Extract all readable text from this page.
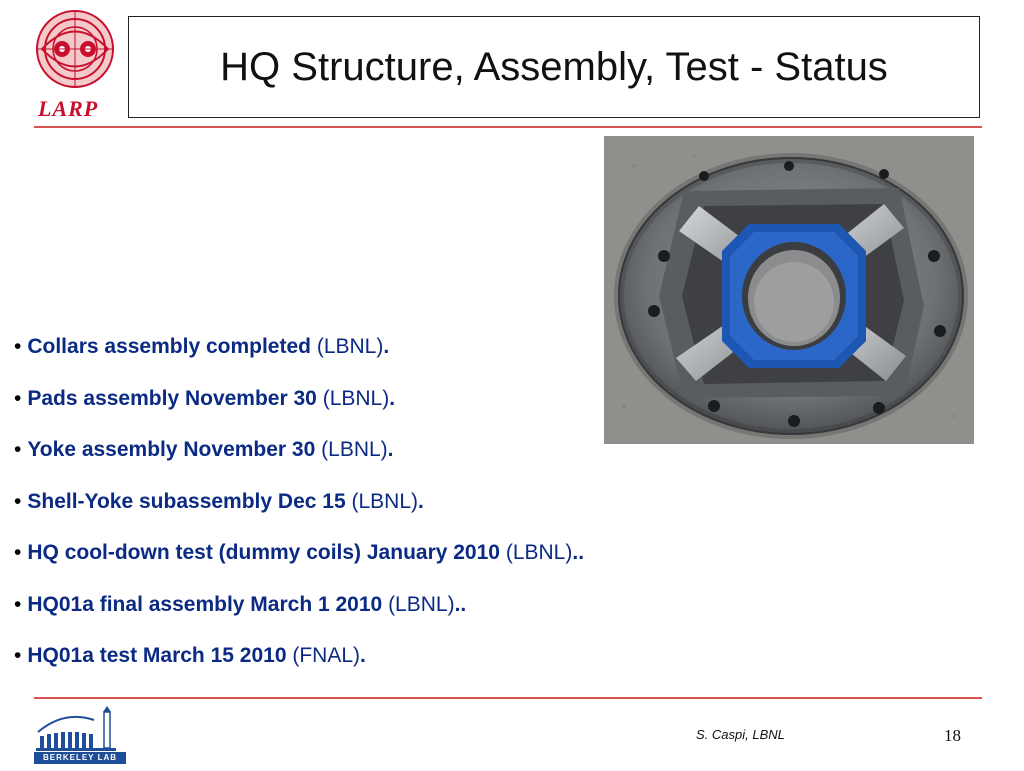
LARP
HQ Structure, Assembly, Test - Status
• Collars assembly completed (LBNL).
• Pads assembly November 30 (LBNL).
• Yoke assembly November 30 (LBNL).
• Shell-Yoke subassembly Dec 15 (LBNL).
• HQ cool-down test (dummy coils) January 2010 (LBNL)..
• HQ01a final assembly March 1 2010 (LBNL)..
• HQ01a test March 15 2010 (FNAL).
BERKELEY LAB
S. Caspi, LBNL	18
